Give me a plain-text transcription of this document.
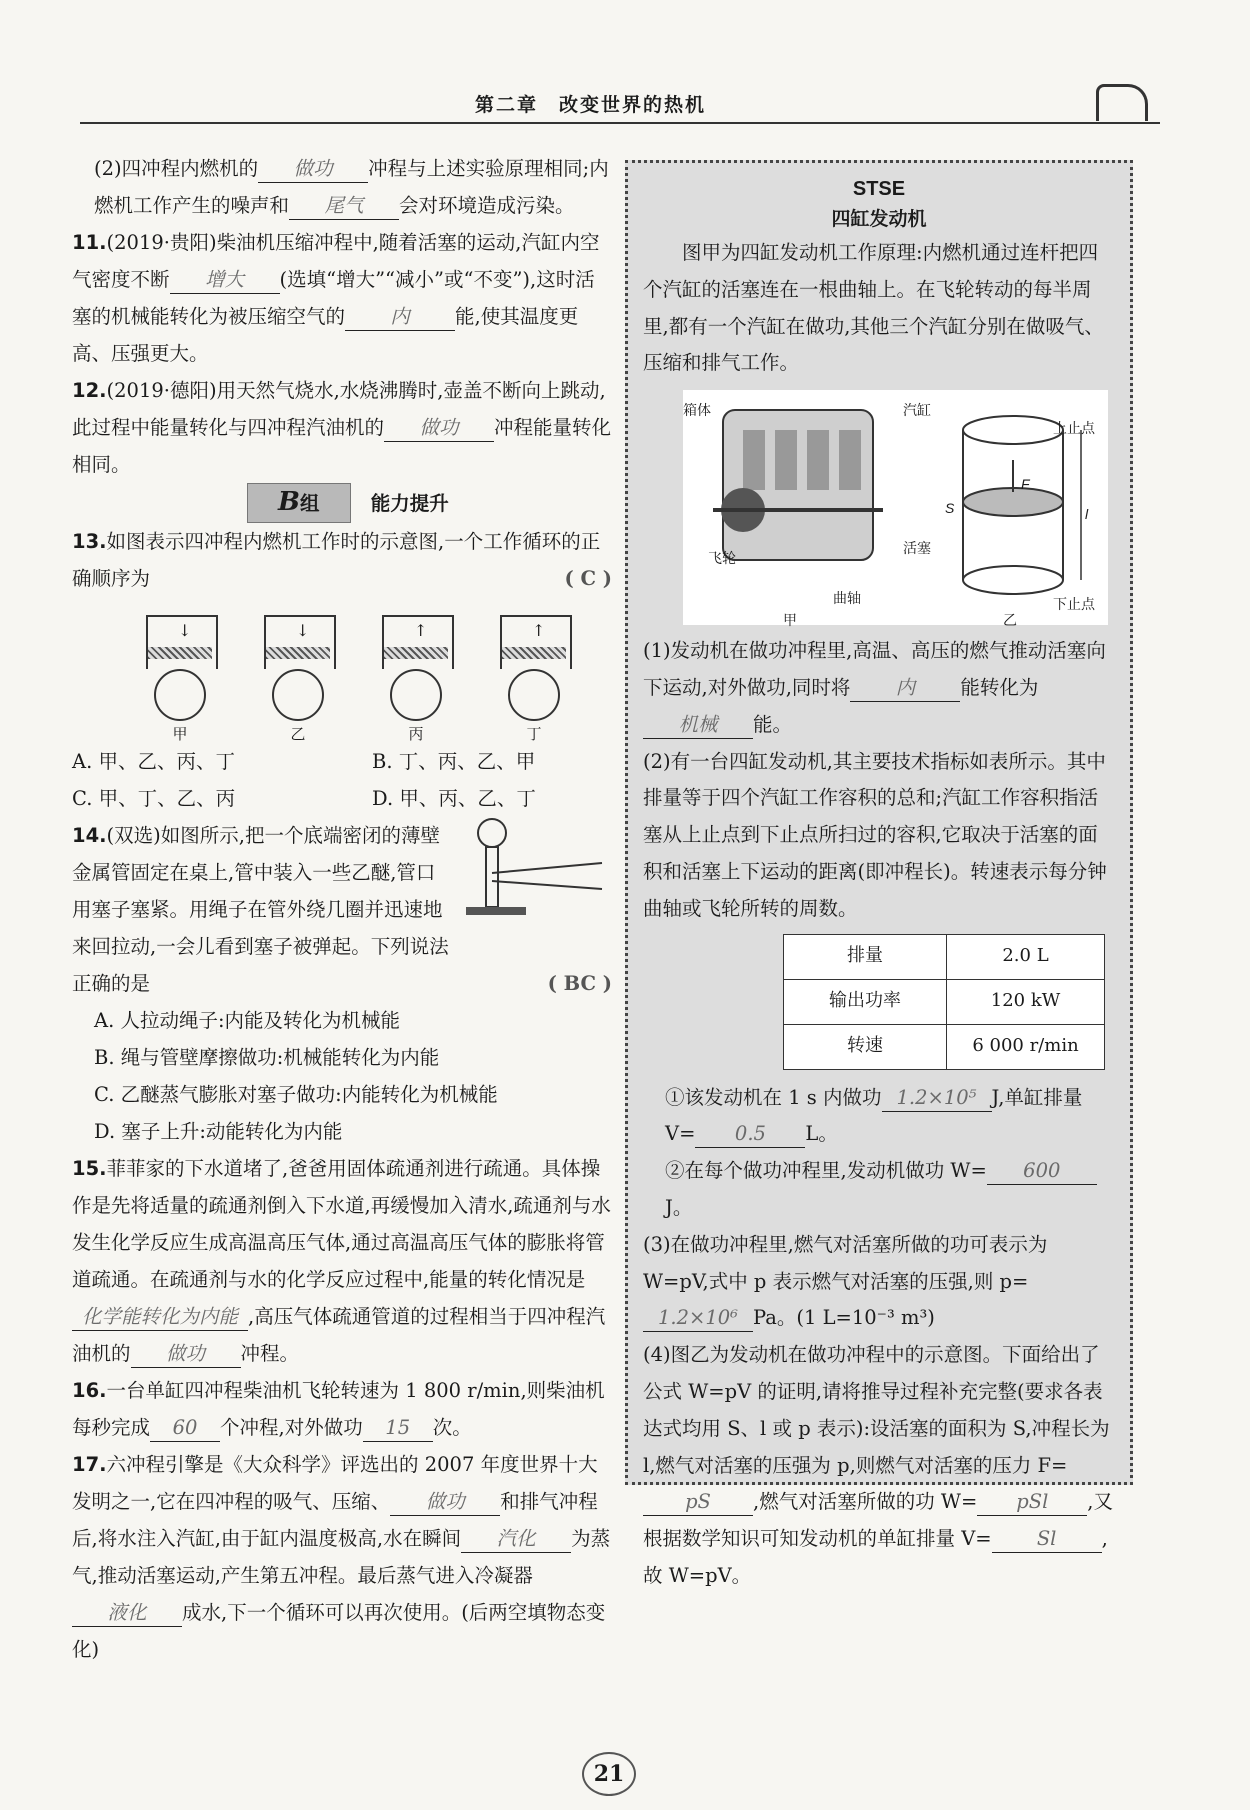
第二章　改变世界的热机

(2)四冲程内燃机的 做功 冲程与上述实验原理相同;内燃机工作产生的噪声和 尾气 会对环境造成污染。

11.(2019·贵阳)柴油机压缩冲程中,随着活塞的运动,汽缸内空气密度不断 增大 (选填“增大”“减小”或“不变”),这时活塞的机械能转化为被压缩空气的 内 能,使其温度更高、压强更大。

12.(2019·德阳)用天然气烧水,水烧沸腾时,壶盖不断向上跳动,此过程中能量转化与四冲程汽油机的 做功 冲程能量转化相同。

B组	能力提升

13.如图表示四冲程内燃机工作时的示意图,一个工作循环的正确顺序为	( C )

↓
甲
↓
乙
↑
丙
↑
丁
A. 甲、乙、丙、丁	B. 丁、丙、乙、甲
C. 甲、丁、乙、丙	D. 甲、丙、乙、丁

14.(双选)如图所示,把一个底端密闭的薄壁金属管固定在桌上,管中装入一些乙醚,管口用塞子塞紧。用绳子在管外绕几圈并迅速地来回拉动,一会儿看到塞子被弹起。下列说法正确的是	( BC )

A. 人拉动绳子:内能及转化为机械能

B. 绳与管壁摩擦做功:机械能转化为内能

C. 乙醚蒸气膨胀对塞子做功:内能转化为机械能

D. 塞子上升:动能转化为内能

15.菲菲家的下水道堵了,爸爸用固体疏通剂进行疏通。具体操作是先将适量的疏通剂倒入下水道,再缓慢加入清水,疏通剂与水发生化学反应生成高温高压气体,通过高温高压气体的膨胀将管道疏通。在疏通剂与水的化学反应过程中,能量的转化情况是化学能转化为内能 ,高压气体疏通管道的过程相当于四冲程汽油机的 做功 冲程。

16.一台单缸四冲程柴油机飞轮转速为 1 800 r/min,则柴油机每秒完成 60 个冲程,对外做功 15 次。

17.六冲程引擎是《大众科学》评选出的 2007 年度世界十大发明之一,它在四冲程的吸气、压缩、 做功 和排气冲程后,将水注入汽缸,由于缸内温度极高,水在瞬间 汽化 为蒸气,推动活塞运动,产生第五冲程。最后蒸气进入冷凝器液化 成水,下一个循环可以再次使用。(后两空填物态变化)

STSE
四缸发动机

图甲为四缸发动机工作原理:内燃机通过连杆把四个汽缸的活塞连在一根曲轴上。在飞轮转动的每半周里,都有一个汽缸在做功,其他三个汽缸分别在做吸气、压缩和排气工作。

箱体
飞轮
曲轴
甲
汽缸
上止点
S
F
l
活塞
下止点
乙

(1)发动机在做功冲程里,高温、高压的燃气推动活塞向下运动,对外做功,同时将 内 能转化为机械 能。

(2)有一台四缸发动机,其主要技术指标如表所示。其中排量等于四个汽缸工作容积的总和;汽缸工作容积指活塞从上止点到下止点所扫过的容积,它取决于活塞的面积和活塞上下运动的距离(即冲程长)。转速表示每分钟曲轴或飞轮所转的周数。

排量	2.0 L
输出功率	120 kW
转速	6 000 r/min

①该发动机在 1 s 内做功 1.2×10⁵ J,单缸排量 V= 0.5 L。

②在每个做功冲程里,发动机做功 W= 600J。

(3)在做功冲程里,燃气对活塞所做的功可表示为 W=pV,式中 p 表示燃气对活塞的压强,则 p=1.2×10⁶ Pa。(1 L=10⁻³ m³)

(4)图乙为发动机在做功冲程中的示意图。下面给出了公式 W=pV 的证明,请将推导过程补充完整(要求各表达式均用 S、l 或 p 表示):设活塞的面积为 S,冲程长为 l,燃气对活塞的压强为 p,则燃气对活塞的压力 F=pS ,燃气对活塞所做的功 W= pSl ,又根据数学知识可知发动机的单缸排量 V= Sl ,故 W=pV。

21
